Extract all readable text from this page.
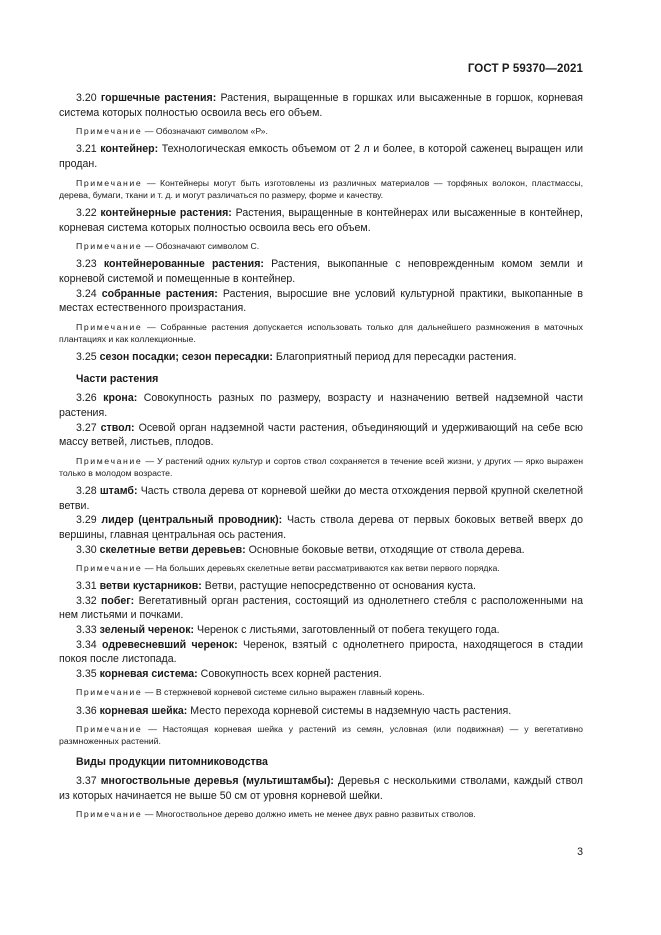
ГОСТ Р 59370—2021

3.20 горшечные растения: Растения, выращенные в горшках или высаженные в горшок, корневая система которых полностью освоила весь его объем.

Примечание — Обозначают символом «Р».

3.21 контейнер: Технологическая емкость объемом от 2 л и более, в которой саженец выращен или продан.

Примечание — Контейнеры могут быть изготовлены из различных материалов — торфяных волокон, пластмассы, дерева, бумаги, ткани и т. д. и могут различаться по размеру, форме и качеству.

3.22 контейнерные растения: Растения, выращенные в контейнерах или высаженные в контейнер, корневая система которых полностью освоила весь его объем.

Примечание — Обозначают символом С.

3.23 контейнерованные растения: Растения, выкопанные с неповрежденным комом земли и корневой системой и помещенные в контейнер.

3.24 собранные растения: Растения, выросшие вне условий культурной практики, выкопанные в местах естественного произрастания.

Примечание — Собранные растения допускается использовать только для дальнейшего размножения в маточных плантациях и как коллекционные.

3.25 сезон посадки; сезон пересадки: Благоприятный период для пересадки растения.

Части растения

3.26 крона: Совокупность разных по размеру, возрасту и назначению ветвей надземной части растения.

3.27 ствол: Осевой орган надземной части растения, объединяющий и удерживающий на себе всю массу ветвей, листьев, плодов.

Примечание — У растений одних культур и сортов ствол сохраняется в течение всей жизни, у других — ярко выражен только в молодом возрасте.

3.28 штамб: Часть ствола дерева от корневой шейки до места отхождения первой крупной скелетной ветви.

3.29 лидер (центральный проводник): Часть ствола дерева от первых боковых ветвей вверх до вершины, главная центральная ось растения.

3.30 скелетные ветви деревьев: Основные боковые ветви, отходящие от ствола дерева.

Примечание — На больших деревьях скелетные ветви рассматриваются как ветви первого порядка.

3.31 ветви кустарников: Ветви, растущие непосредственно от основания куста.

3.32 побег: Вегетативный орган растения, состоящий из однолетнего стебля с расположенными на нем листьями и почками.

3.33 зеленый черенок: Черенок с листьями, заготовленный от побега текущего года.

3.34 одревесневший черенок: Черенок, взятый с однолетнего прироста, находящегося в стадии покоя после листопада.

3.35 корневая система: Совокупность всех корней растения.

Примечание — В стержневой корневой системе сильно выражен главный корень.

3.36 корневая шейка: Место перехода корневой системы в надземную часть растения.

Примечание — Настоящая корневая шейка у растений из семян, условная (или подвижная) — у вегетативно размноженных растений.

Виды продукции питомниководства

3.37 многоствольные деревья (мультиштамбы): Деревья с несколькими стволами, каждый ствол из которых начинается не выше 50 см от уровня корневой шейки.

Примечание — Многоствольное дерево должно иметь не менее двух равно развитых стволов.

3
